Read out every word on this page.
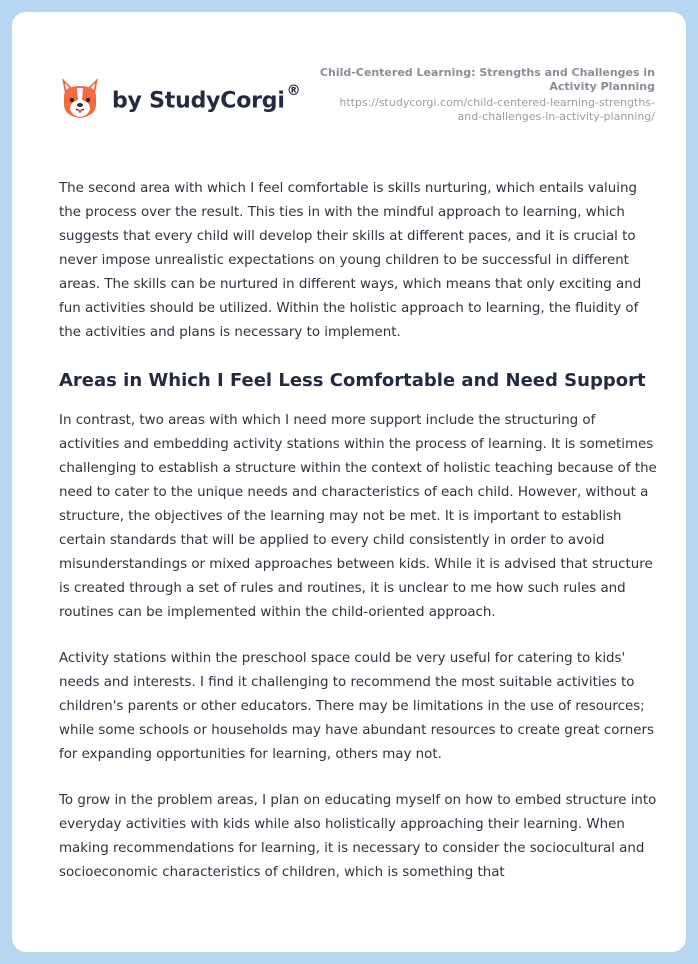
by StudyCorgi ®
Child-Centered Learning: Strengths and Challenges in Activity Planning
https://studycorgi.com/child-centered-learning-strengths-and-challenges-in-activity-planning/

The second area with which I feel comfortable is skills nurturing, which entails valuing the process over the result. This ties in with the mindful approach to learning, which suggests that every child will develop their skills at different paces, and it is crucial to never impose unrealistic expectations on young children to be successful in different areas. The skills can be nurtured in different ways, which means that only exciting and fun activities should be utilized. Within the holistic approach to learning, the fluidity of the activities and plans is necessary to implement.

Areas in Which I Feel Less Comfortable and Need Support

In contrast, two areas with which I need more support include the structuring of activities and embedding activity stations within the process of learning. It is sometimes challenging to establish a structure within the context of holistic teaching because of the need to cater to the unique needs and characteristics of each child. However, without a structure, the objectives of the learning may not be met. It is important to establish certain standards that will be applied to every child consistently in order to avoid misunderstandings or mixed approaches between kids. While it is advised that structure is created through a set of rules and routines, it is unclear to me how such rules and routines can be implemented within the child-oriented approach.

Activity stations within the preschool space could be very useful for catering to kids' needs and interests. I find it challenging to recommend the most suitable activities to children's parents or other educators. There may be limitations in the use of resources; while some schools or households may have abundant resources to create great corners for expanding opportunities for learning, others may not.

To grow in the problem areas, I plan on educating myself on how to embed structure into everyday activities with kids while also holistically approaching their learning. When making recommendations for learning, it is necessary to consider the sociocultural and socioeconomic characteristics of children, which is something that
